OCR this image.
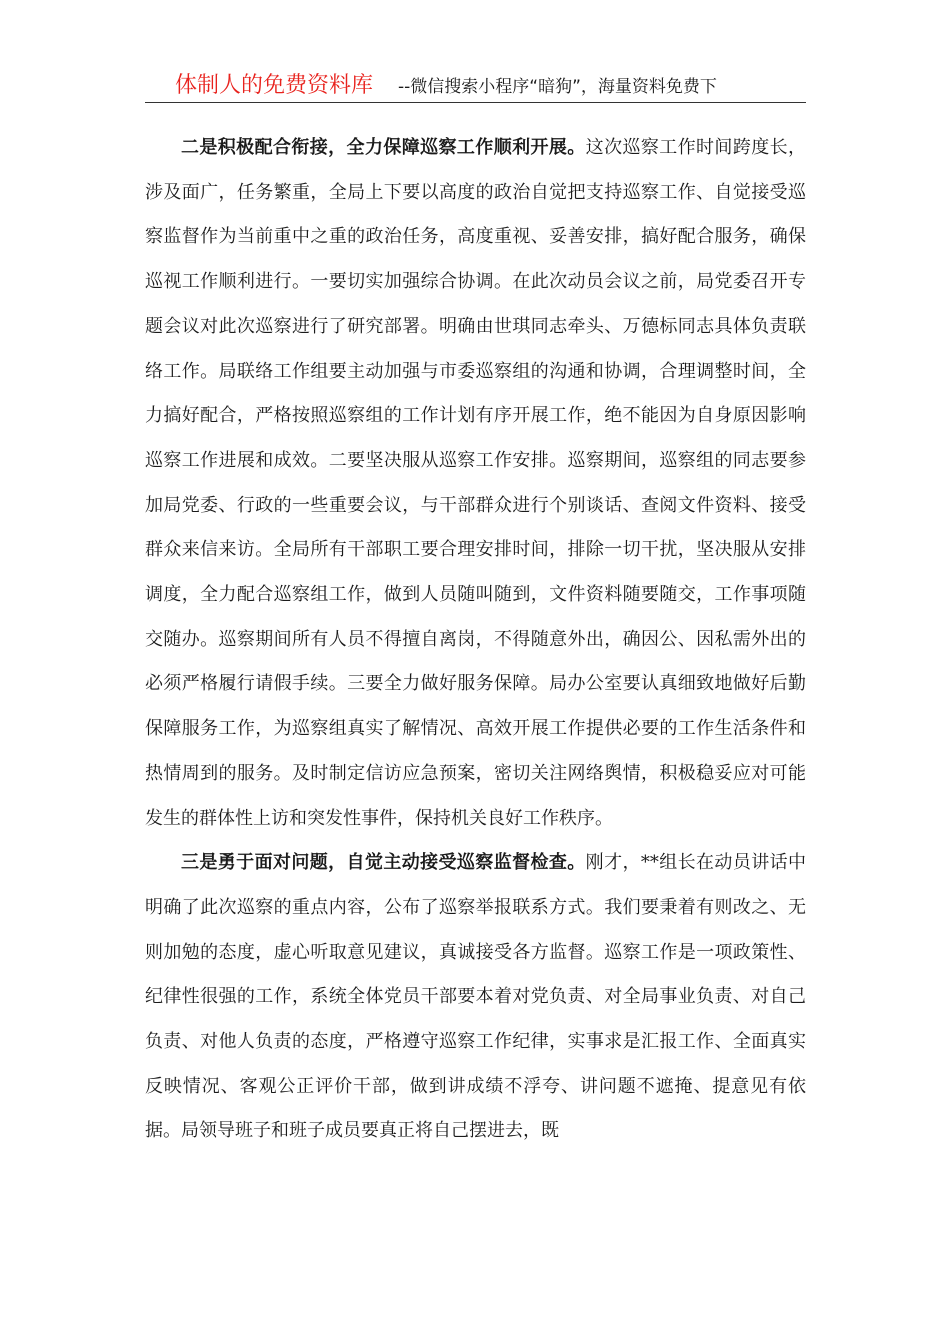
体制人的免费资料库 --微信搜索小程序“暗狗”，海量资料免费下

二是积极配合衔接，全力保障巡察工作顺利开展。这次巡察工作时间跨度长，涉及面广，任务繁重，全局上下要以高度的政治自觉把支持巡察工作、自觉接受巡察监督作为当前重中之重的政治任务，高度重视、妥善安排，搞好配合服务，确保巡视工作顺利进行。一要切实加强综合协调。在此次动员会议之前，局党委召开专题会议对此次巡察进行了研究部署。明确由世琪同志牵头、万德标同志具体负责联络工作。局联络工作组要主动加强与市委巡察组的沟通和协调，合理调整时间，全力搞好配合，严格按照巡察组的工作计划有序开展工作，绝不能因为自身原因影响巡察工作进展和成效。二要坚决服从巡察工作安排。巡察期间，巡察组的同志要参加局党委、行政的一些重要会议，与干部群众进行个别谈话、查阅文件资料、接受群众来信来访。全局所有干部职工要合理安排时间，排除一切干扰，坚决服从安排调度，全力配合巡察组工作，做到人员随叫随到，文件资料随要随交，工作事项随交随办。巡察期间所有人员不得擅自离岗，不得随意外出，确因公、因私需外出的必须严格履行请假手续。三要全力做好服务保障。局办公室要认真细致地做好后勤保障服务工作，为巡察组真实了解情况、高效开展工作提供必要的工作生活条件和热情周到的服务。及时制定信访应急预案，密切关注网络舆情，积极稳妥应对可能发生的群体性上访和突发性事件，保持机关良好工作秩序。

三是勇于面对问题，自觉主动接受巡察监督检查。刚才，**组长在动员讲话中明确了此次巡察的重点内容，公布了巡察举报联系方式。我们要秉着有则改之、无则加勉的态度，虚心听取意见建议，真诚接受各方监督。巡察工作是一项政策性、纪律性很强的工作，系统全体党员干部要本着对党负责、对全局事业负责、对自己负责、对他人负责的态度，严格遵守巡察工作纪律，实事求是汇报工作、全面真实反映情况、客观公正评价干部，做到讲成绩不浮夸、讲问题不遮掩、提意见有依据。局领导班子和班子成员要真正将自己摆进去，既
